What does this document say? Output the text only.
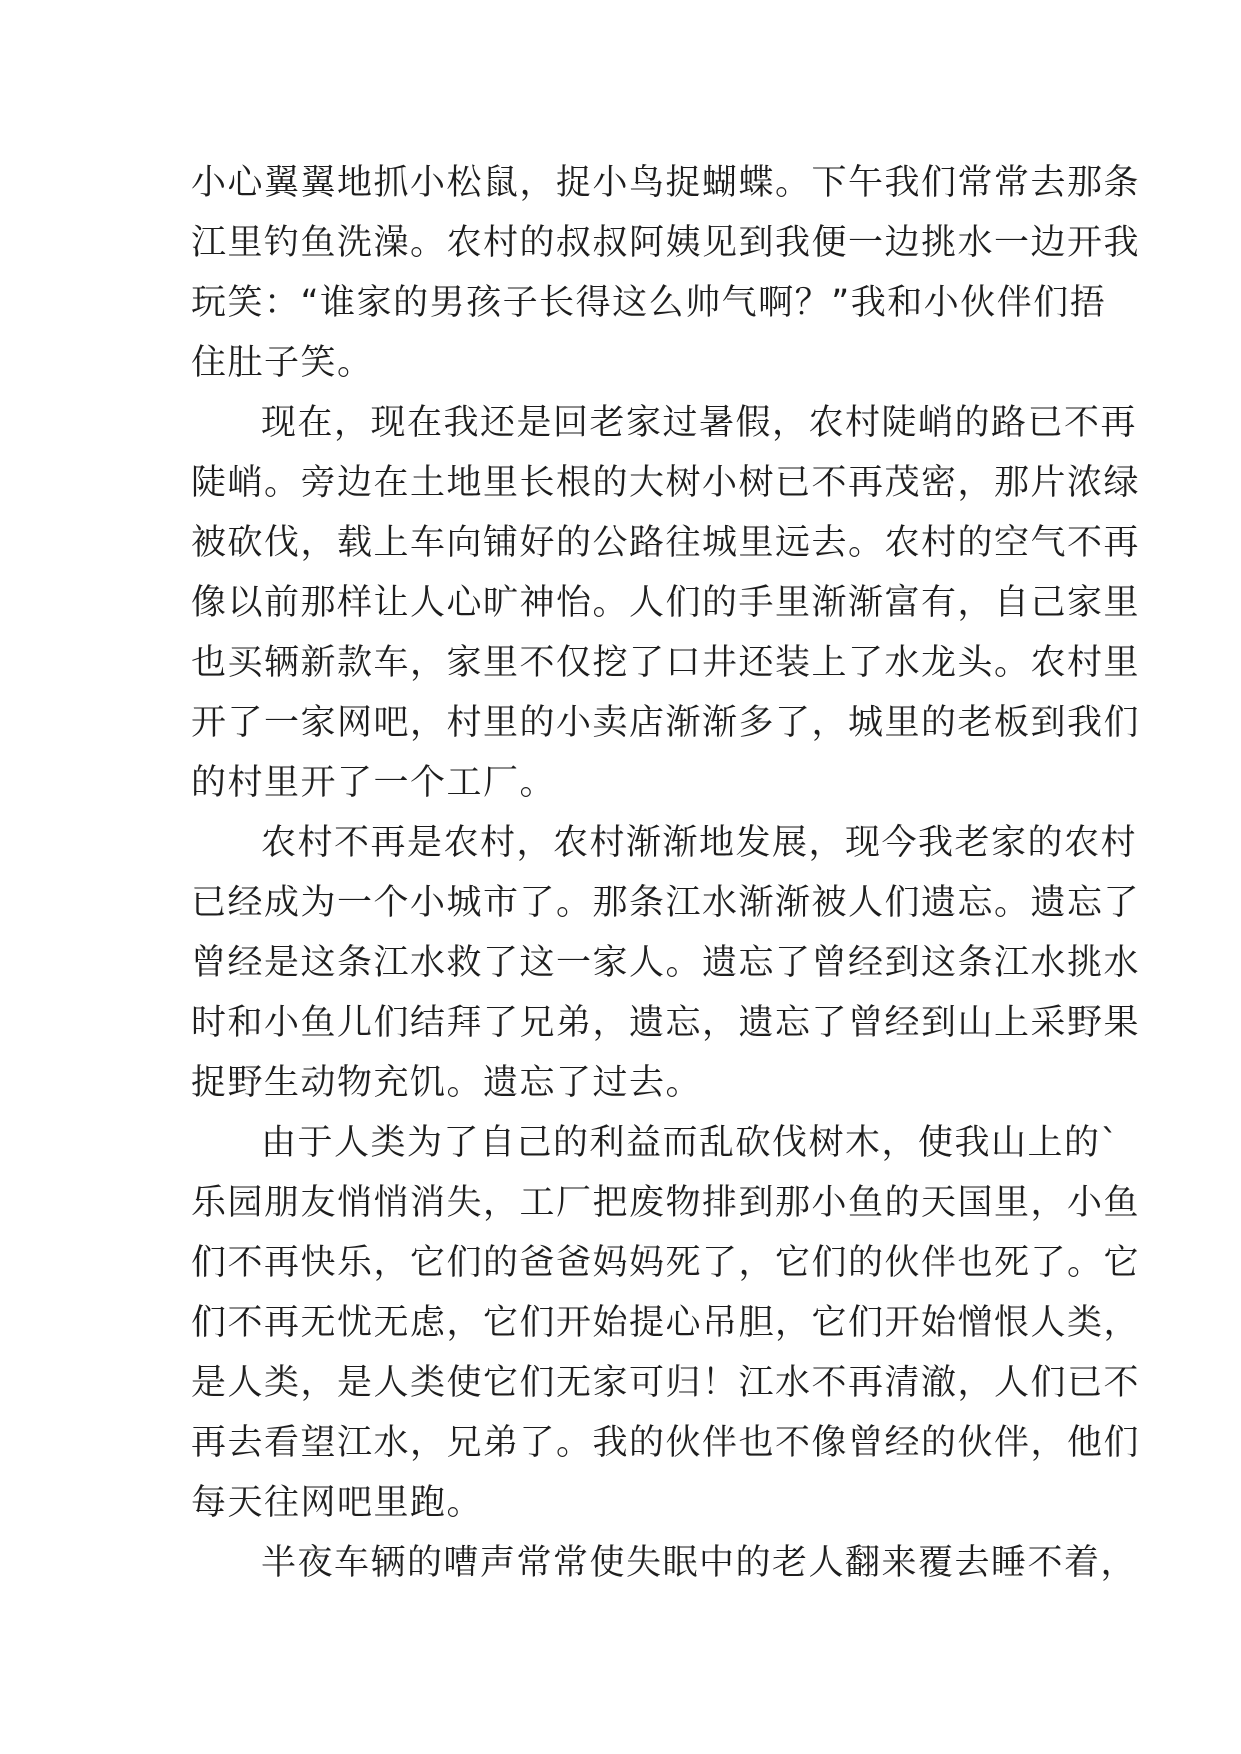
小心翼翼地抓小松鼠，捉小鸟捉蝴蝶。下午我们常常去那条
江里钓鱼洗澡。农村的叔叔阿姨见到我便一边挑水一边开我
玩笑：“谁家的男孩子长得这么帅气啊？”我和小伙伴们捂
住肚子笑。
现在，现在我还是回老家过暑假，农村陡峭的路已不再
陡峭。旁边在土地里长根的大树小树已不再茂密，那片浓绿
被砍伐，载上车向铺好的公路往城里远去。农村的空气不再
像以前那样让人心旷神怡。人们的手里渐渐富有，自己家里
也买辆新款车，家里不仅挖了口井还装上了水龙头。农村里
开了一家网吧，村里的小卖店渐渐多了，城里的老板到我们
的村里开了一个工厂。
农村不再是农村，农村渐渐地发展，现今我老家的农村
已经成为一个小城市了。那条江水渐渐被人们遗忘。遗忘了
曾经是这条江水救了这一家人。遗忘了曾经到这条江水挑水
时和小鱼儿们结拜了兄弟，遗忘，遗忘了曾经到山上采野果
捉野生动物充饥。遗忘了过去。
由于人类为了自己的利益而乱砍伐树木，使我山上的`
乐园朋友悄悄消失，工厂把废物排到那小鱼的天国里，小鱼
们不再快乐，它们的爸爸妈妈死了，它们的伙伴也死了。它
们不再无忧无虑，它们开始提心吊胆，它们开始憎恨人类，
是人类，是人类使它们无家可归！江水不再清澈，人们已不
再去看望江水，兄弟了。我的伙伴也不像曾经的伙伴，他们
每天往网吧里跑。
半夜车辆的嘈声常常使失眠中的老人翻来覆去睡不着，
